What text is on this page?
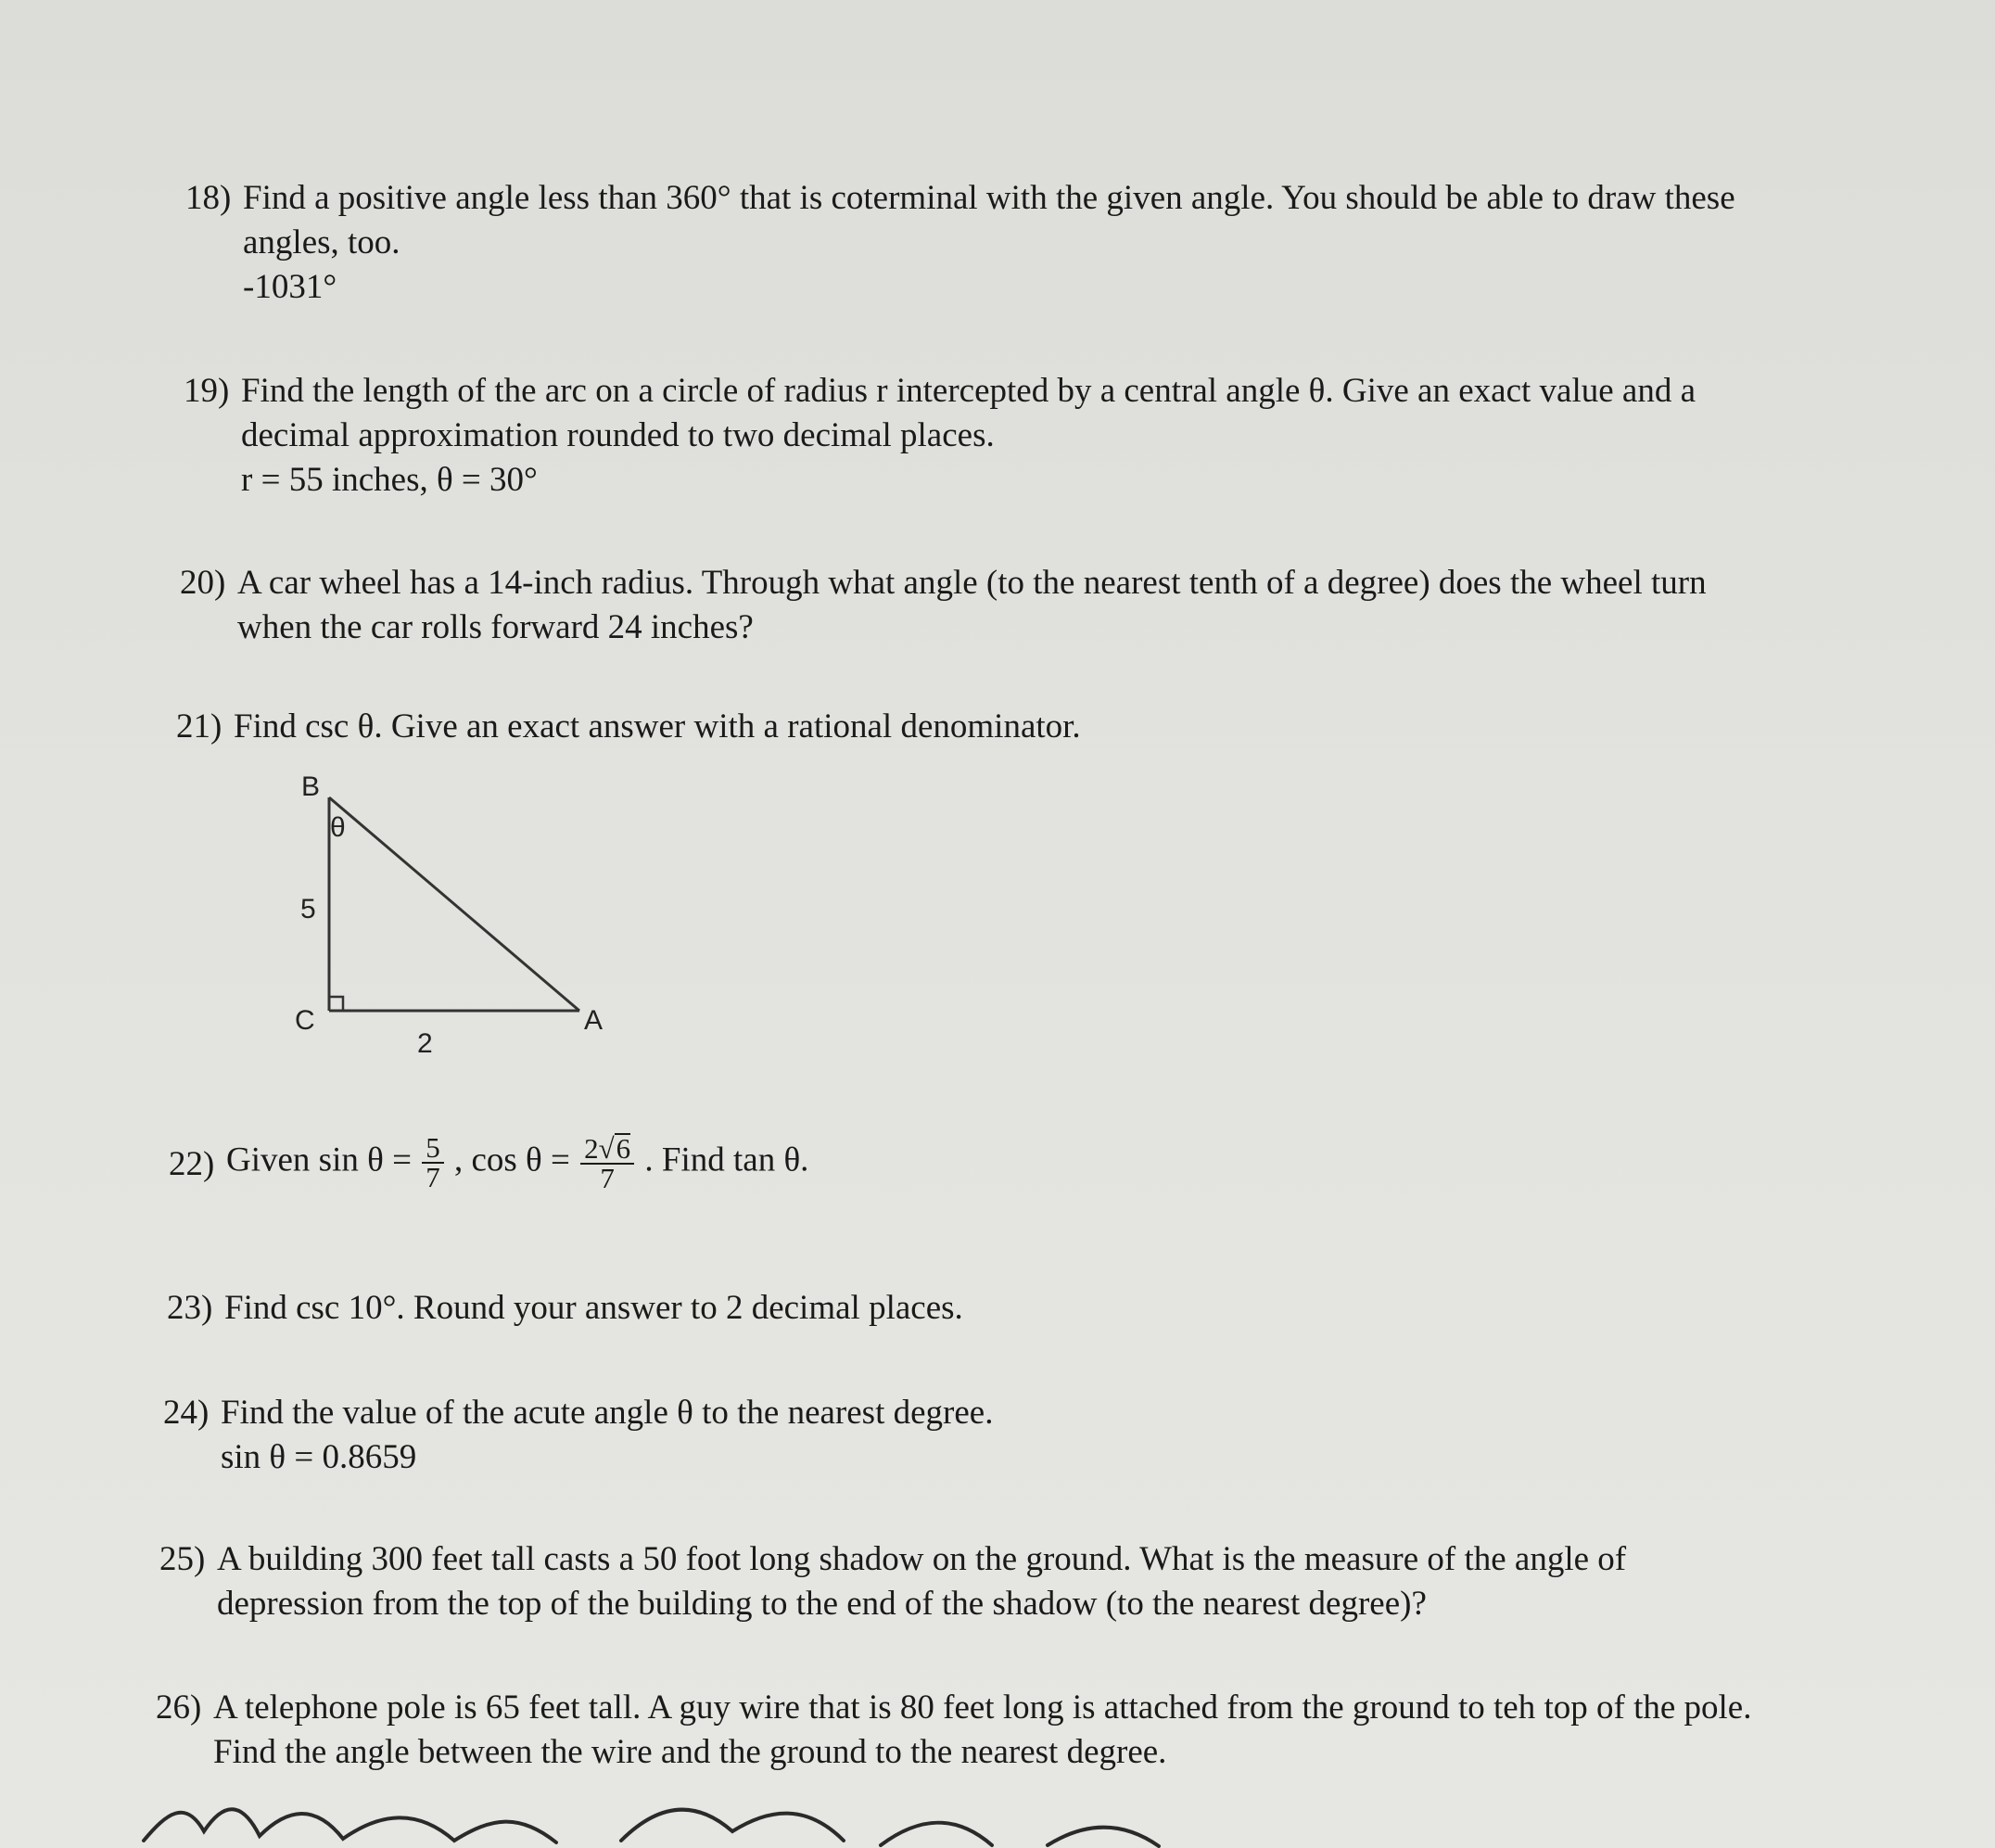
18) Find a positive angle less than 360° that is coterminal with the given angle. You should be able to draw these
angles, too.
-1031°
19) Find the length of the arc on a circle of radius r intercepted by a central angle θ. Give an exact value and a
decimal approximation rounded to two decimal places.
r = 55 inches, θ = 30°
20) A car wheel has a 14-inch radius. Through what angle (to the nearest tenth of a degree) does the wheel turn
when the car rolls forward 24 inches?
21) Find csc θ. Give an exact answer with a rational denominator.
B
θ
5
C	A
2
22) Given $\sin \theta = \frac{5}{7}$ , $\cos \theta = \frac{2√6}{7}$ . Find tan θ.
23) Find csc 10°. Round your answer to 2 decimal places.
24) Find the value of the acute angle θ to the nearest degree.
sin θ = 0.8659
25) A building 300 feet tall casts a 50 foot long shadow on the ground. What is the measure of the angle of
depression from the top of the building to the end of the shadow (to the nearest degree)?
26) A telephone pole is 65 feet tall. A guy wire that is 80 feet long is attached from the ground to teh top of the pole.
Find the angle between the wire and the ground to the nearest degree.
